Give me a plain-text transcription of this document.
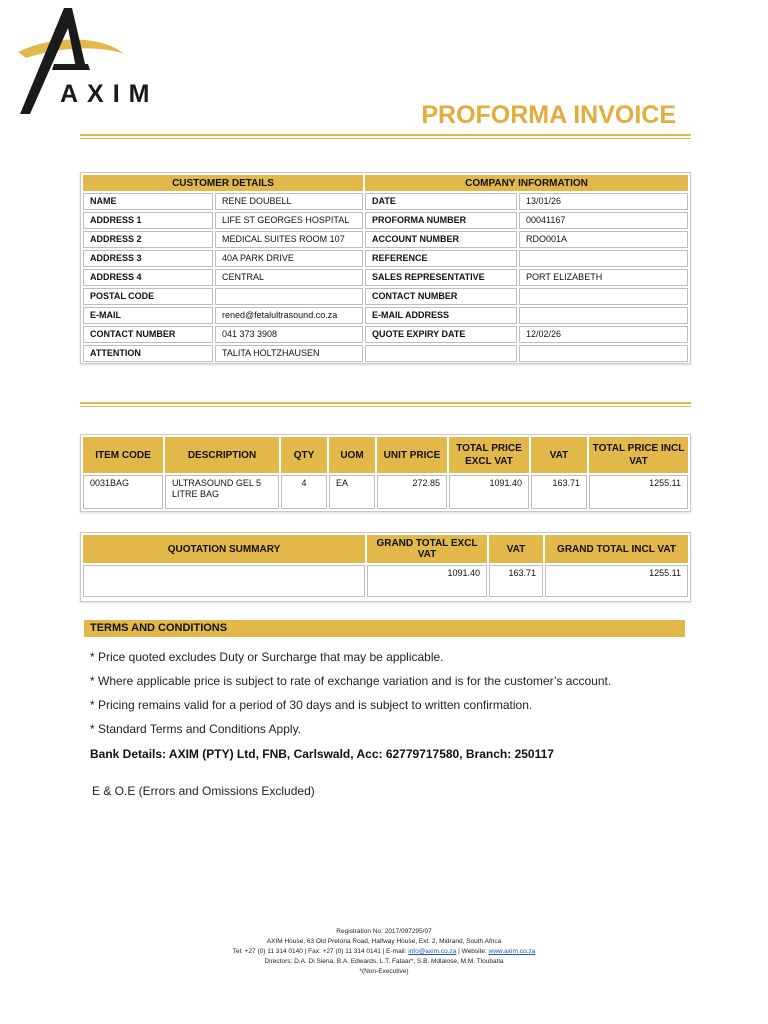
AXIM
PROFORMA INVOICE
CUSTOMER DETAILS		COMPANY INFORMATION	
NAME	RENE DOUBELL	DATE	13/01/26
ADDRESS 1	LIFE ST GEORGES HOSPITAL	PROFORMA NUMBER	00041167
ADDRESS 2	MEDICAL SUITES ROOM 107	ACCOUNT NUMBER	RDO001A
ADDRESS 3	40A PARK DRIVE	REFERENCE	
ADDRESS 4	CENTRAL	SALES REPRESENTATIVE	PORT ELIZABETH
POSTAL CODE		CONTACT NUMBER	
E-MAIL	rened@fetalultrasound.co.za	E-MAIL ADDRESS	
CONTACT NUMBER	041 373 3908	QUOTE EXPIRY DATE	12/02/26
ATTENTION	TALITA HOLTZHAUSEN		
ITEM CODE	DESCRIPTION	QTY	UOM	UNIT PRICE	TOTAL PRICE EXCL VAT	VAT	TOTAL PRICE INCL VAT
0031BAG	ULTRASOUND GEL 5 LITRE BAG	4	EA	272.85	1091.40	163.71	1255.11
QUOTATION SUMMARY	GRAND TOTAL EXCL VAT	VAT	GRAND TOTAL INCL VAT
	1091.40	163.71	1255.11
TERMS AND CONDITIONS
* Price quoted excludes Duty or Surcharge that may be applicable.
* Where applicable price is subject to rate of exchange variation and is for the customer’s account.
* Pricing remains valid for a period of 30 days and is subject to written confirmation.
* Standard Terms and Conditions Apply.
Bank Details: AXIM (PTY) Ltd, FNB, Carlswald, Acc: 62779717580, Branch: 250117
E & O.E (Errors and Omissions Excluded)
Registration No: 2017/097295/07
AXIM House, 63 Old Pretoria Road, Halfway House, Ext. 2, Midrand, South Africa
Tel: +27 (0) 11 314 0140 | Fax: +27 (0) 11 314 0141 | E-mail: info@axim.co.za | Website: www.axim.co.za
Directors: D.A. Di Siena, B.A. Edwards, L.T. Fataar*, S.B. Mdlalose, M.M. Tloubatla
*(Non-Executive)
